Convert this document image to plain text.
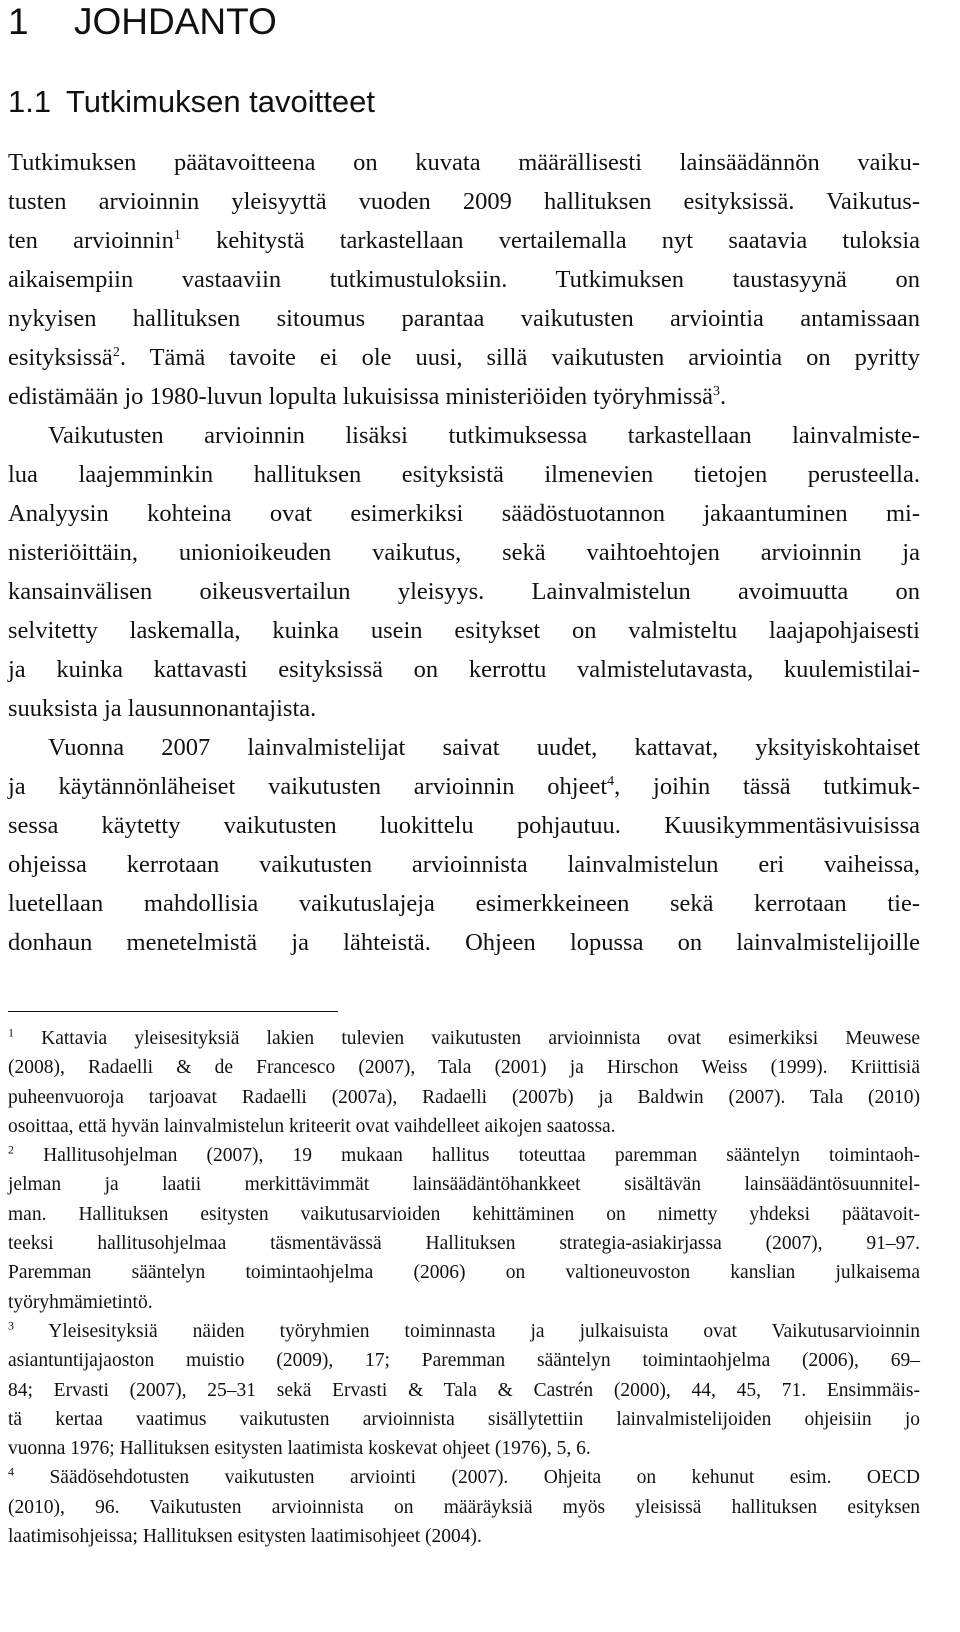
1 JOHDANTO
1.1 Tutkimuksen tavoitteet
Tutkimuksen päätavoitteena on kuvata määrällisesti lainsäädännön vaiku-
tusten arvioinnin yleisyyttä vuoden 2009 hallituksen esityksissä. Vaikutus-
ten arvioinnin$^1$ kehitystä tarkastellaan vertailemalla nyt saatavia tuloksia
aikaisempiin vastaaviin tutkimustuloksiin. Tutkimuksen taustasyynä on
nykyisen hallituksen sitoumus parantaa vaikutusten arviointia antamissaan
esityksissä$^2$. Tämä tavoite ei ole uusi, sillä vaikutusten arviointia on pyritty
edistämään jo 1980-luvun lopulta lukuisissa ministeriöiden työryhmissä$^3$.
Vaikutusten arvioinnin lisäksi tutkimuksessa tarkastellaan lainvalmiste-
lua laajemminkin hallituksen esityksistä ilmenevien tietojen perusteella.
Analyysin kohteina ovat esimerkiksi säädöstuotannon jakaantuminen mi-
nisteriöittäin, unionioikeuden vaikutus, sekä vaihtoehtojen arvioinnin ja
kansainvälisen oikeusvertailun yleisyys. Lainvalmistelun avoimuutta on
selvitetty laskemalla, kuinka usein esitykset on valmisteltu laajapohjaisesti
ja kuinka kattavasti esityksissä on kerrottu valmistelutavasta, kuulemistilai-
suuksista ja lausunnonantajista.
Vuonna 2007 lainvalmistelijat saivat uudet, kattavat, yksityiskohtaiset
ja käytännönläheiset vaikutusten arvioinnin ohjeet$^4$, joihin tässä tutkimuk-
sessa käytetty vaikutusten luokittelu pohjautuu. Kuusikymmentäsivuisissa
ohjeissa kerrotaan vaikutusten arvioinnista lainvalmistelun eri vaiheissa,
luetellaan mahdollisia vaikutuslajeja esimerkkeineen sekä kerrotaan tie-
donhaun menetelmistä ja lähteistä. Ohjeen lopussa on lainvalmistelijoille
$^1$ Kattavia yleisesityksiä lakien tulevien vaikutusten arvioinnista ovat esimerkiksi Meuwese
(2008), Radaelli & de Francesco (2007), Tala (2001) ja Hirschon Weiss (1999). Kriittisiä
puheenvuoroja tarjoavat Radaelli (2007a), Radaelli (2007b) ja Baldwin (2007). Tala (2010)
osoittaa, että hyvän lainvalmistelun kriteerit ovat vaihdelleet aikojen saatossa.
$^2$ Hallitusohjelman (2007), 19 mukaan hallitus toteuttaa paremman sääntelyn toimintaoh-
jelman ja laatii merkittävimmät lainsäädäntöhankkeet sisältävän lainsäädäntösuunnitel-
man. Hallituksen esitysten vaikutusarvioiden kehittäminen on nimetty yhdeksi päätavoit-
teeksi hallitusohjelmaa täsmentävässä Hallituksen strategia-asiakirjassa (2007), 91–97.
Paremman sääntelyn toimintaohjelma (2006) on valtioneuvoston kanslian julkaisema
työryhmämietintö.
$^3$ Yleisesityksiä näiden työryhmien toiminnasta ja julkaisuista ovat Vaikutusarvioinnin
asiantuntijajaoston muistio (2009), 17; Paremman sääntelyn toimintaohjelma (2006), 69–
84; Ervasti (2007), 25–31 sekä Ervasti & Tala & Castrén (2000), 44, 45, 71. Ensimmäis-
tä kertaa vaatimus vaikutusten arvioinnista sisällytettiin lainvalmistelijoiden ohjeisiin jo
vuonna 1976; Hallituksen esitysten laatimista koskevat ohjeet (1976), 5, 6.
$^4$ Säädösehdotusten vaikutusten arviointi (2007). Ohjeita on kehunut esim. OECD
(2010), 96. Vaikutusten arvioinnista on määräyksiä myös yleisissä hallituksen esityksen
laatimisohjeissa; Hallituksen esitysten laatimisohjeet (2004).
